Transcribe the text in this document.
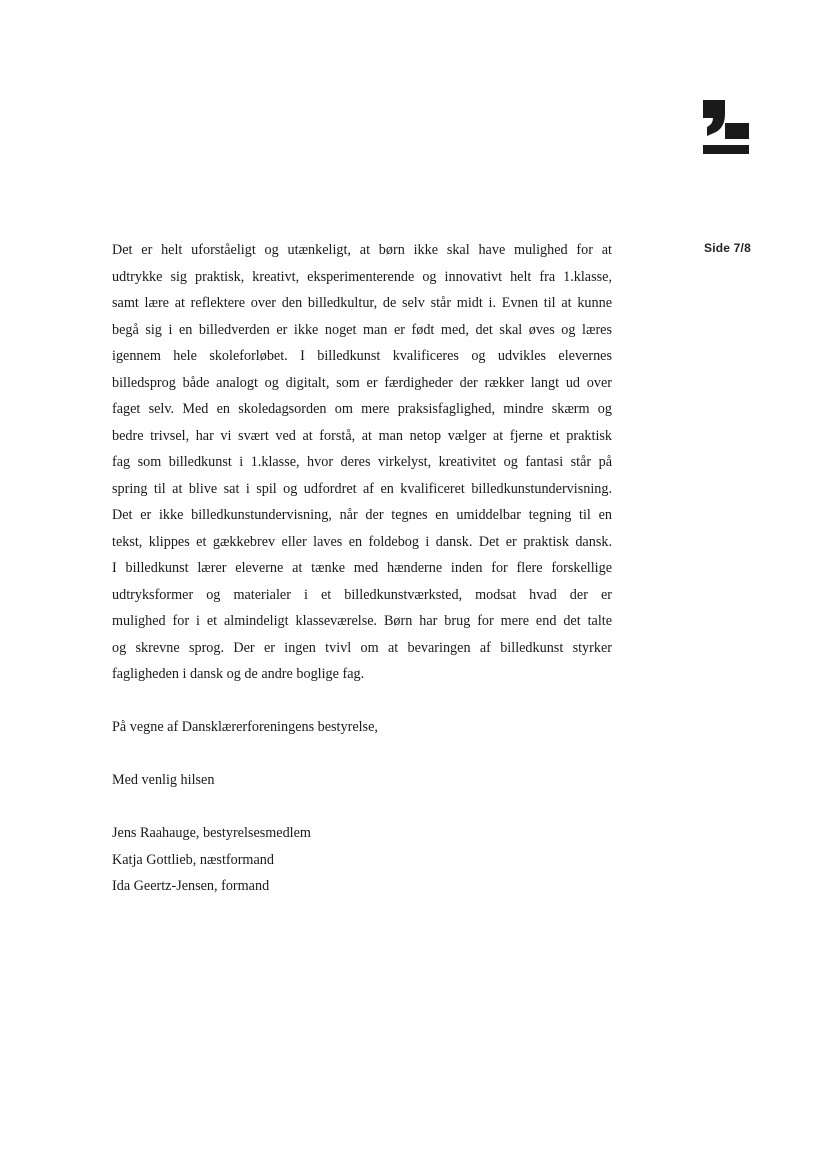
Side 7/8
Det er helt uforståeligt og utænkeligt, at børn ikke skal have mulighed for at
udtrykke sig praktisk, kreativt, eksperimenterende og innovativt helt fra 1.klasse,
samt lære at reflektere over den billedkultur, de selv står midt i. Evnen til at kunne
begå sig i en billedverden er ikke noget man er født med, det skal øves og læres
igennem hele skoleforløbet. I billedkunst kvalificeres og udvikles elevernes
billedsprog både analogt og digitalt, som er færdigheder der rækker langt ud over
faget selv. Med en skoledagsorden om mere praksisfaglighed, mindre skærm og
bedre trivsel, har vi svært ved at forstå, at man netop vælger at fjerne et praktisk
fag som billedkunst i 1.klasse, hvor deres virkelyst, kreativitet og fantasi står på
spring til at blive sat i spil og udfordret af en kvalificeret billedkunstundervisning.
Det er ikke billedkunstundervisning, når der tegnes en umiddelbar tegning til en
tekst, klippes et gækkebrev eller laves en foldebog i dansk. Det er praktisk dansk.
I billedkunst lærer eleverne at tænke med hænderne inden for flere forskellige
udtryksformer og materialer i et billedkunstværksted, modsat hvad der er
mulighed for i et almindeligt klasseværelse. Børn har brug for mere end det talte
og skrevne sprog. Der er ingen tvivl om at bevaringen af billedkunst styrker
fagligheden i dansk og de andre boglige fag.
På vegne af Dansklærerforeningens bestyrelse,
Med venlig hilsen
Jens Raahauge, bestyrelsesmedlem
Katja Gottlieb, næstformand
Ida Geertz-Jensen, formand
